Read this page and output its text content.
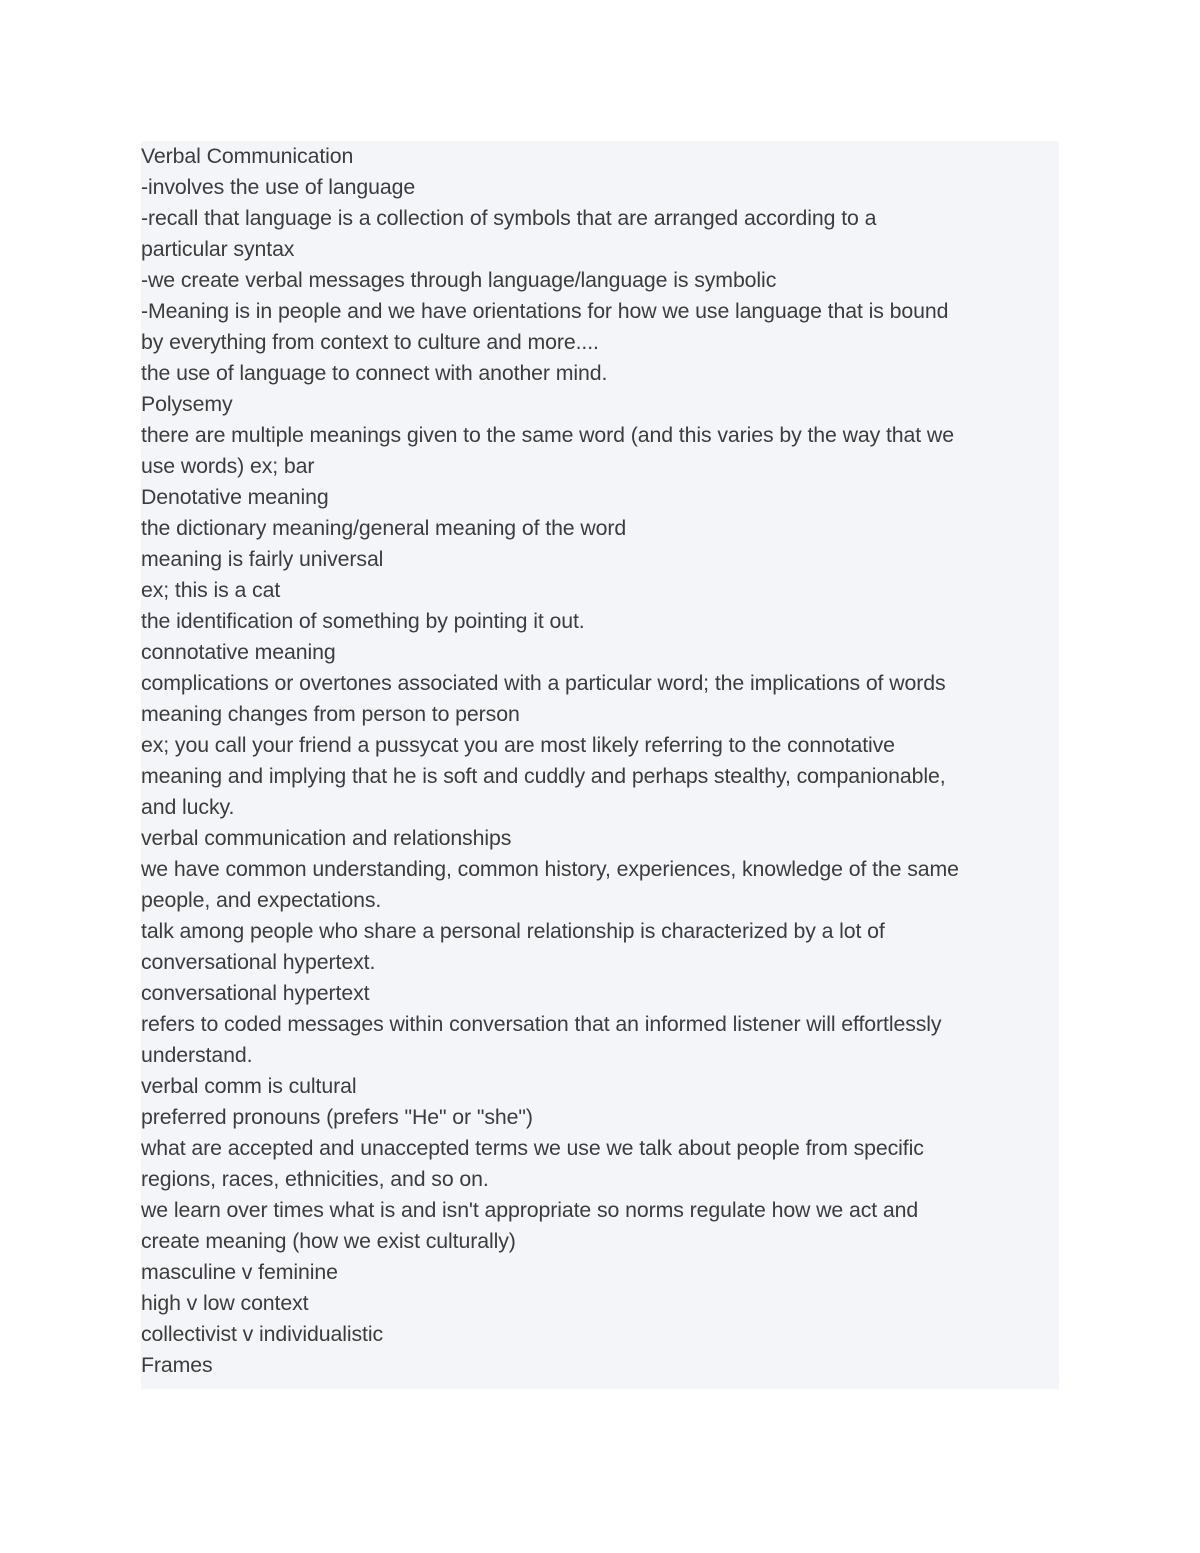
Verbal Communication
-involves the use of language
-recall that language is a collection of symbols that are arranged according to a
particular syntax
-we create verbal messages through language/language is symbolic
-Meaning is in people and we have orientations for how we use language that is bound
by everything from context to culture and more....
the use of language to connect with another mind.
Polysemy
there are multiple meanings given to the same word (and this varies by the way that we
use words) ex; bar
Denotative meaning
the dictionary meaning/general meaning of the word
meaning is fairly universal
ex; this is a cat
the identification of something by pointing it out.
connotative meaning
complications or overtones associated with a particular word; the implications of words
meaning changes from person to person
ex; you call your friend a pussycat you are most likely referring to the connotative
meaning and implying that he is soft and cuddly and perhaps stealthy, companionable,
and lucky.
verbal communication and relationships
we have common understanding, common history, experiences, knowledge of the same
people, and expectations.
talk among people who share a personal relationship is characterized by a lot of
conversational hypertext.
conversational hypertext
refers to coded messages within conversation that an informed listener will effortlessly
understand.
verbal comm is cultural
preferred pronouns (prefers "He" or "she")
what are accepted and unaccepted terms we use we talk about people from specific
regions, races, ethnicities, and so on.
we learn over times what is and isn't appropriate so norms regulate how we act and
create meaning (how we exist culturally)
masculine v feminine
high v low context
collectivist v individualistic
Frames
